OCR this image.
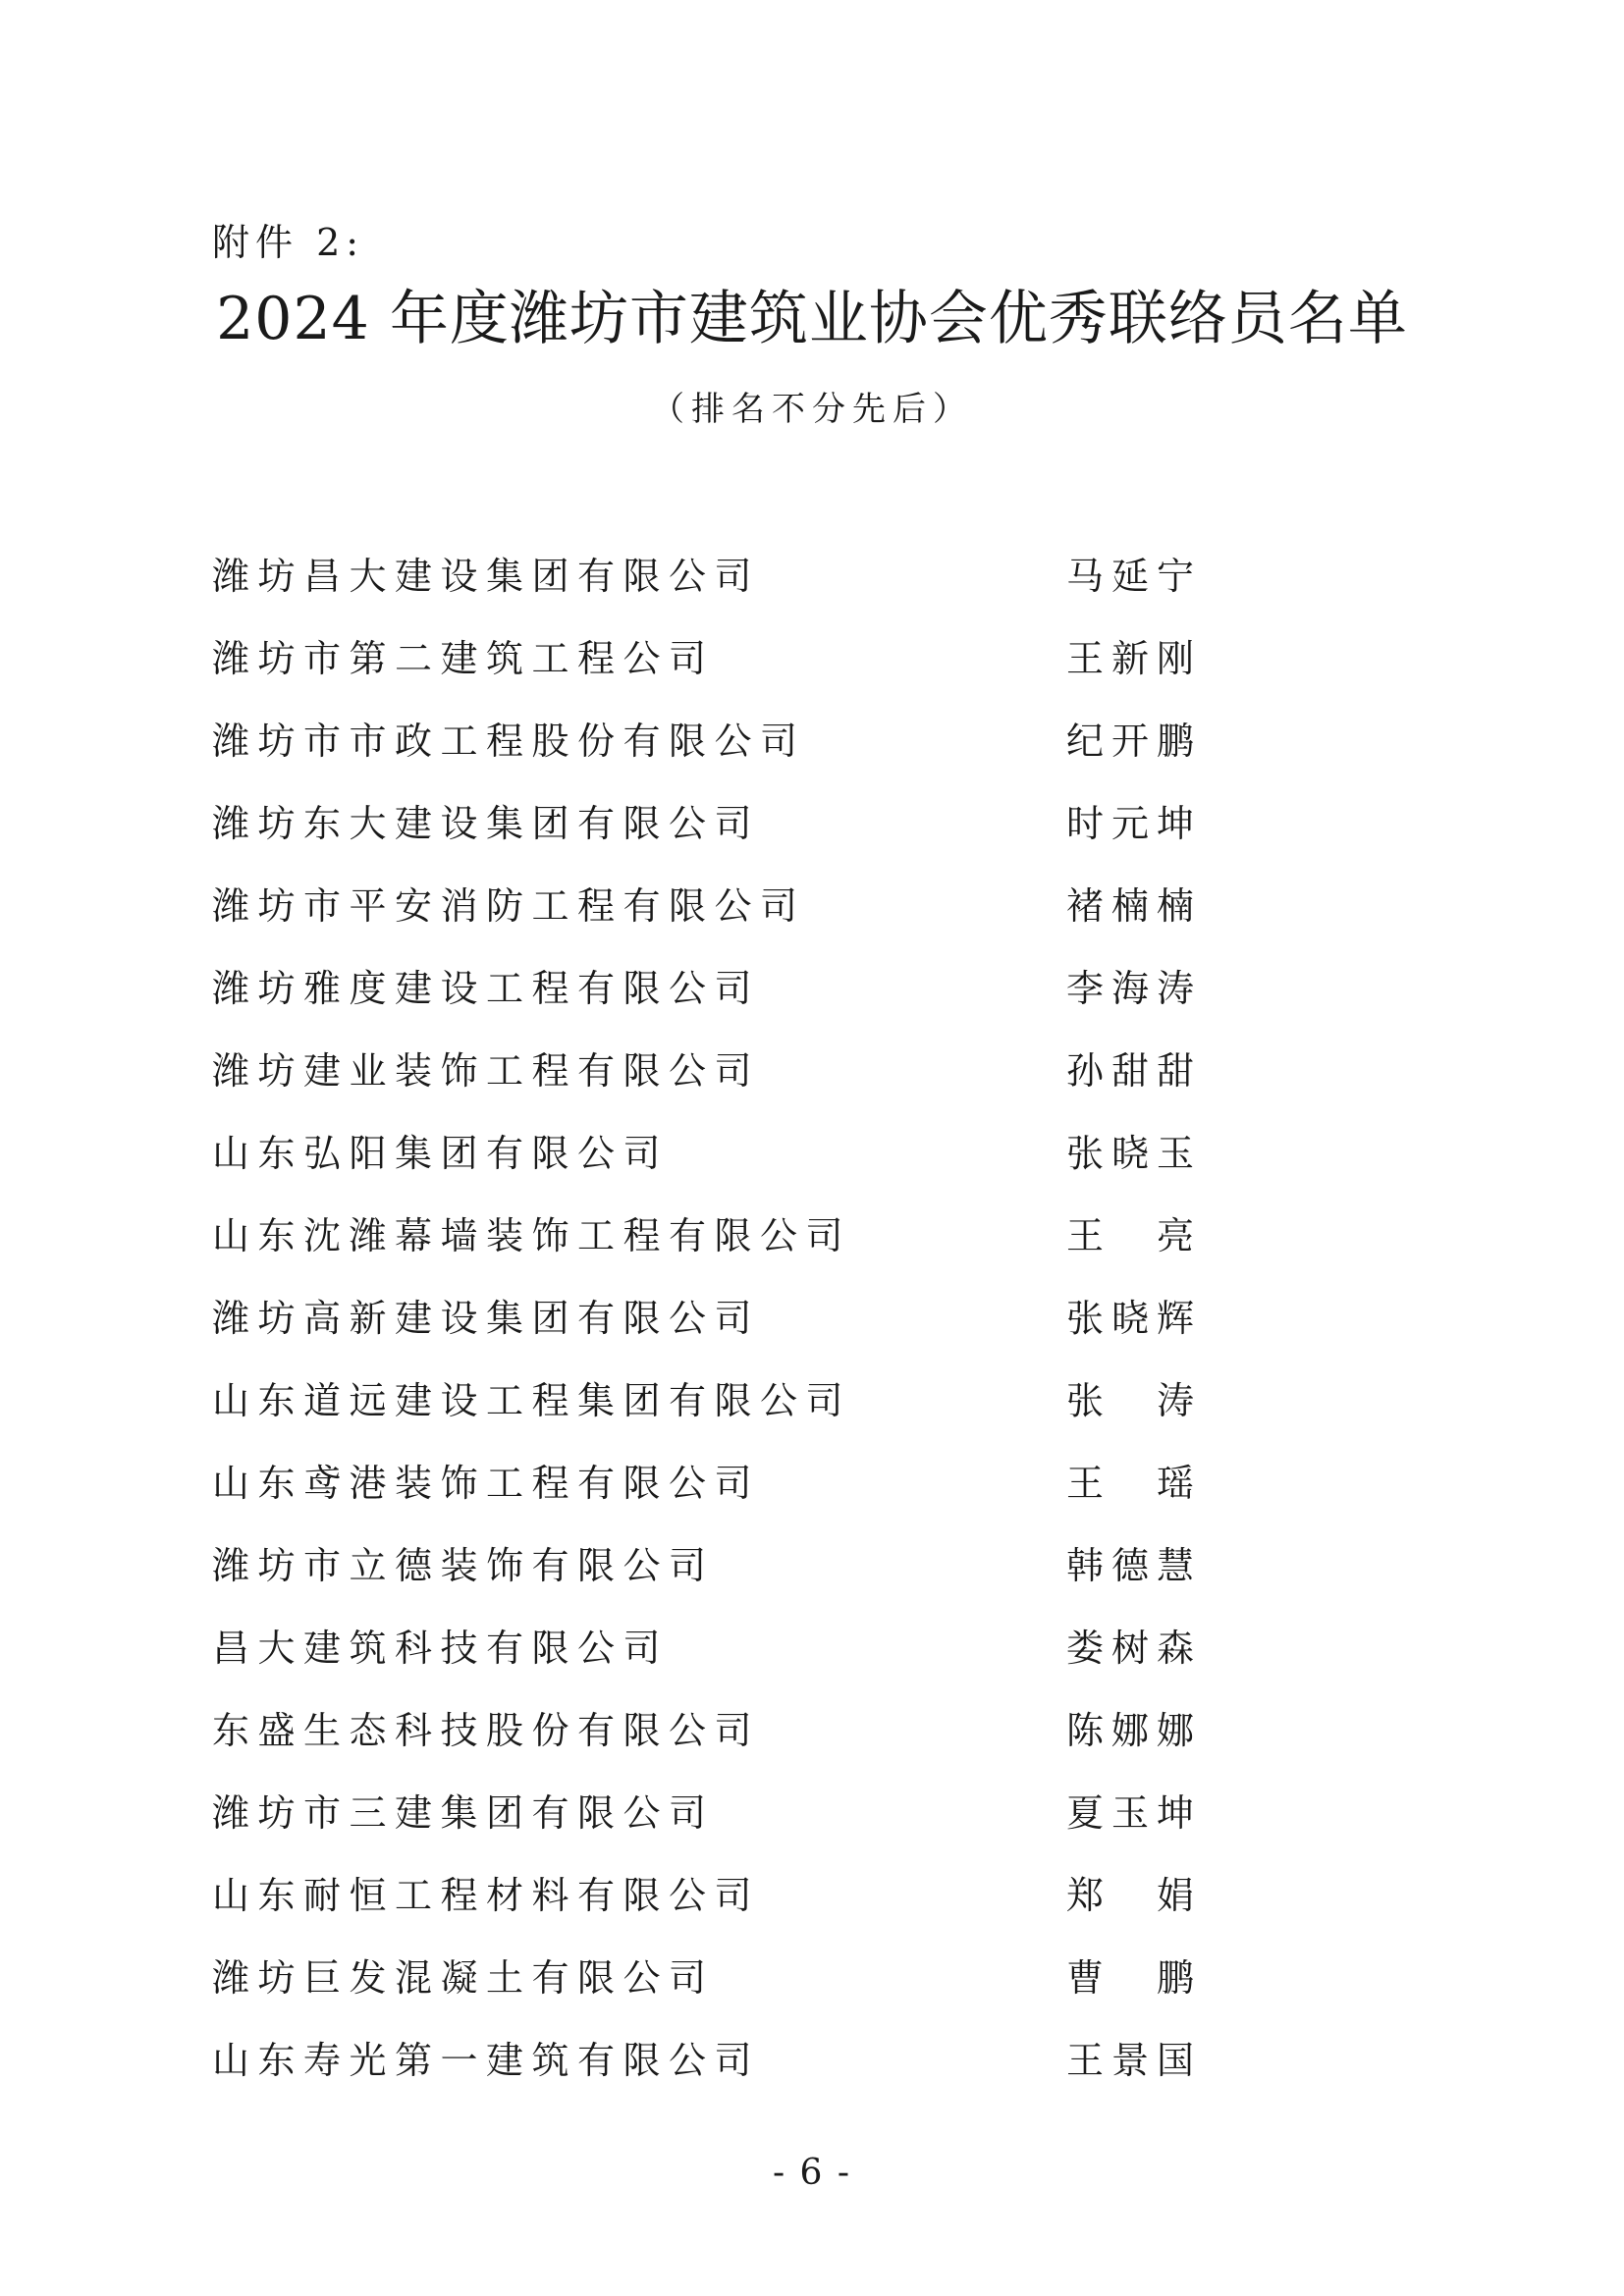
附件 2:
2024 年度潍坊市建筑业协会优秀联络员名单
（排名不分先后）
潍坊昌大建设集团有限公司	马延宁
潍坊市第二建筑工程公司	王新刚
潍坊市市政工程股份有限公司	纪开鹏
潍坊东大建设集团有限公司	时元坤
潍坊市平安消防工程有限公司	褚楠楠
潍坊雅度建设工程有限公司	李海涛
潍坊建业装饰工程有限公司	孙甜甜
山东弘阳集团有限公司	张晓玉
山东沈潍幕墙装饰工程有限公司	王 亮
潍坊高新建设集团有限公司	张晓辉
山东道远建设工程集团有限公司	张 涛
山东鸢港装饰工程有限公司	王 瑶
潍坊市立德装饰有限公司	韩德慧
昌大建筑科技有限公司	娄树森
东盛生态科技股份有限公司	陈娜娜
潍坊市三建集团有限公司	夏玉坤
山东耐恒工程材料有限公司	郑 娟
潍坊巨发混凝土有限公司	曹 鹏
山东寿光第一建筑有限公司	王景国
- 6 -
